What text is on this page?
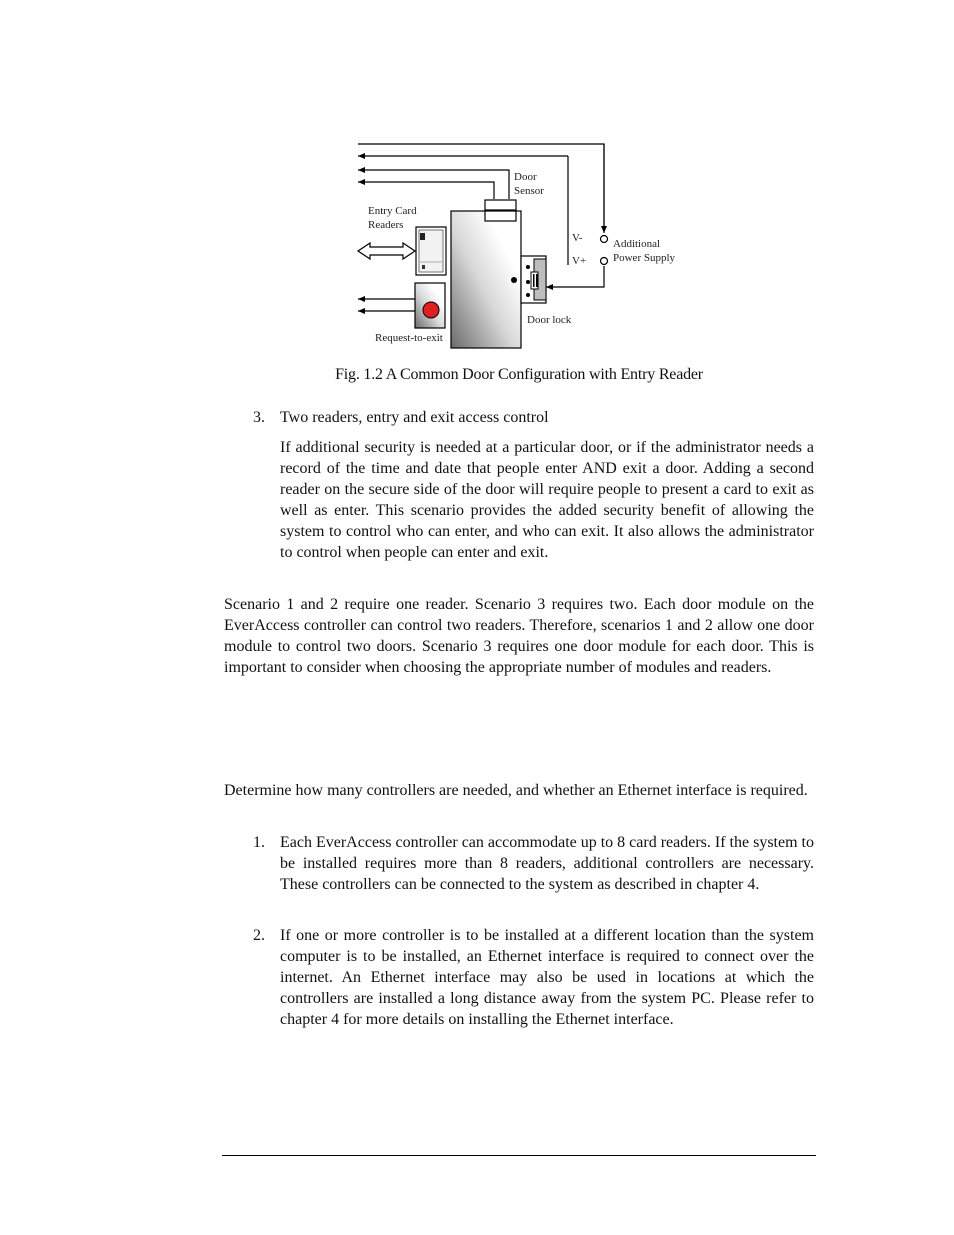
Door
Sensor
Entry Card
Readers
V-
V+
Additional
Power Supply
Door lock
Request-to-exit
Fig. 1.2 A Common Door Configuration with Entry Reader
3. Two readers, entry and exit access control

If additional security is needed at a particular door, or if the administrator needs a record of the time and date that people enter AND exit a door. Adding a second reader on the secure side of the door will require people to present a card to exit as well as enter. This scenario provides the added security benefit of allowing the system to control who can enter, and who can exit. It also allows the administrator to control when people can enter and exit.

Scenario 1 and 2 require one reader. Scenario 3 requires two. Each door module on the EverAccess controller can control two readers. Therefore, scenarios 1 and 2 allow one door module to control two doors. Scenario 3 requires one door module for each door. This is important to consider when choosing the appropriate number of modules and readers.

Determine how many controllers are needed, and whether an Ethernet interface is required.

1. Each EverAccess controller can accommodate up to 8 card readers. If the system to be installed requires more than 8 readers, additional controllers are necessary. These controllers can be connected to the system as described in chapter 4.

2. If one or more controller is to be installed at a different location than the system computer is to be installed, an Ethernet interface is required to connect over the internet. An Ethernet interface may also be used in locations at which the controllers are installed a long distance away from the system PC. Please refer to chapter 4 for more details on installing the Ethernet interface.
